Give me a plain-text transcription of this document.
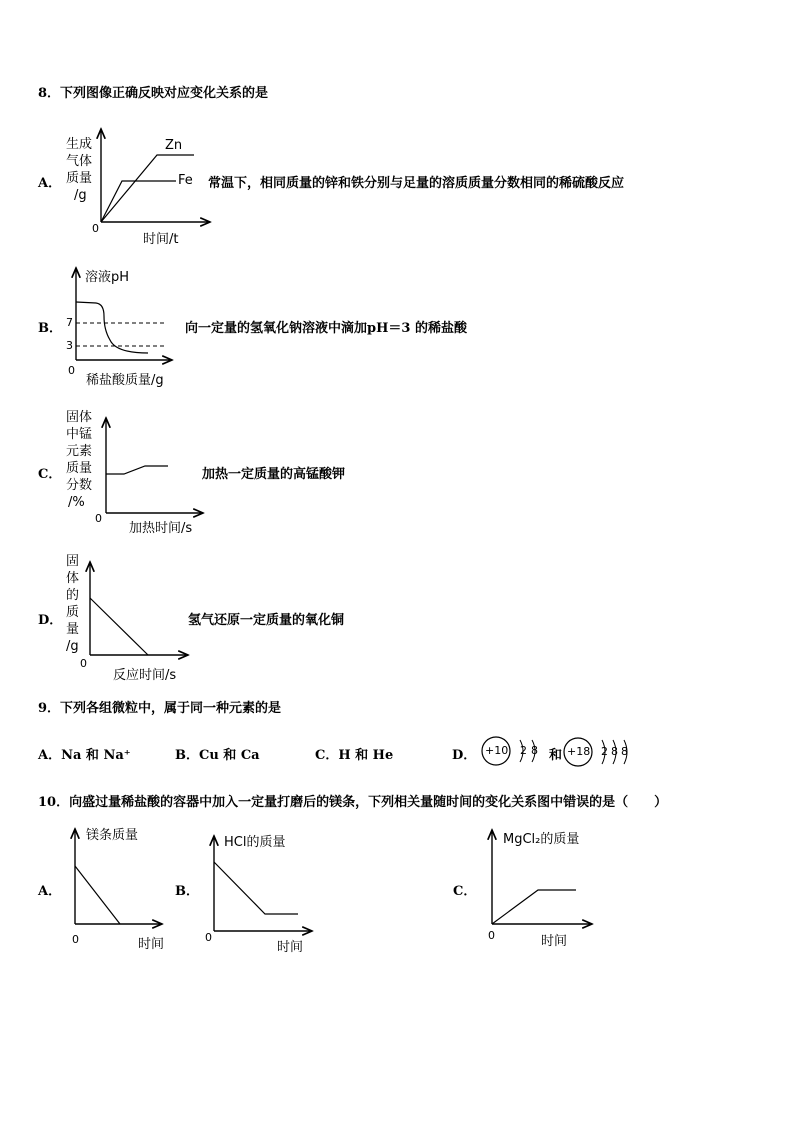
8．下列图像正确反映对应变化关系的是
A．
生成
气体
质量
/g
Zn
Fe
0
时间/t
常温下，相同质量的锌和铁分别与足量的溶质质量分数相同的稀硫酸反应
B．
溶液pH
7
3
0
稀盐酸质量/g
向一定量的氢氧化钠溶液中滴加pH＝3 的稀盐酸
C．
固体
中锰
元素
质量
分数
/%
0
加热时间/s
加热一定质量的高锰酸钾
D．
固
体
的
质
量
/g
0
反应时间/s
氢气还原一定质量的氧化铜
9．下列各组微粒中，属于同一种元素的是
A．Na 和 Na⁺	B．Cu 和 Ca	C．H 和 He	D． +10 2 8 和 +18 2 8 8
10．向盛过量稀盐酸的容器中加入一定量打磨后的镁条，下列相关量随时间的变化关系图中错误的是（　　）
A．
镁条质量
0	时间
B．
HCl的质量
0
时间
C．
MgCl₂的质量
0	时间
